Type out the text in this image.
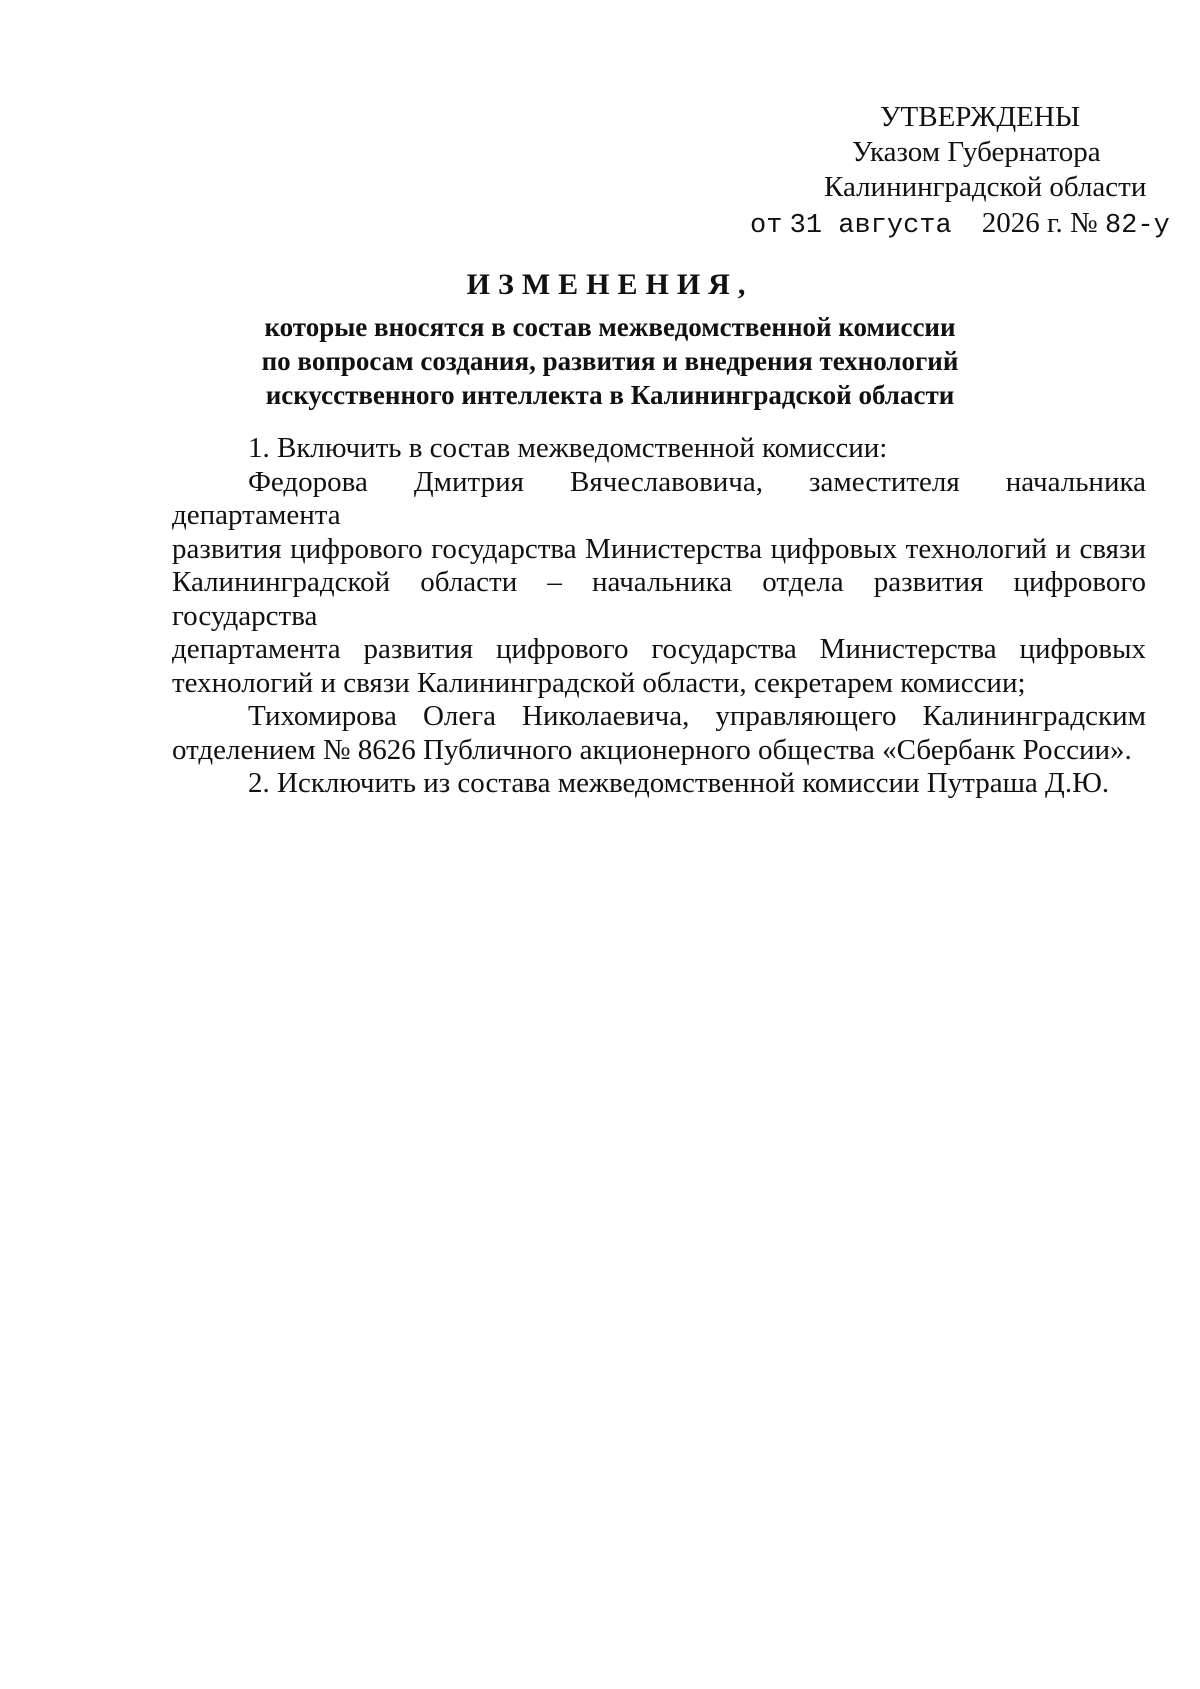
УТВЕРЖДЕНЫ
Указом Губернатора
Калининградской области
от 31 августа 2026 г. № 82-у
ИЗМЕНЕНИЯ,
которые вносятся в состав межведомственной комиссии
по вопросам создания, развития и внедрения технологий
искусственного интеллекта в Калининградской области

1. Включить в состав межведомственной комиссии:

Федорова Дмитрия Вячеславовича, заместителя начальника департамента

развития цифрового государства Министерства цифровых технологий и связи

Калининградской области – начальника отдела развития цифрового государства

департамента развития цифрового государства Министерства цифровых

технологий и связи Калининградской области, секретарем комиссии;

Тихомирова Олега Николаевича, управляющего Калининградским

отделением № 8626 Публичного акционерного общества «Сбербанк России».

2. Исключить из состава межведомственной комиссии Путраша Д.Ю.
